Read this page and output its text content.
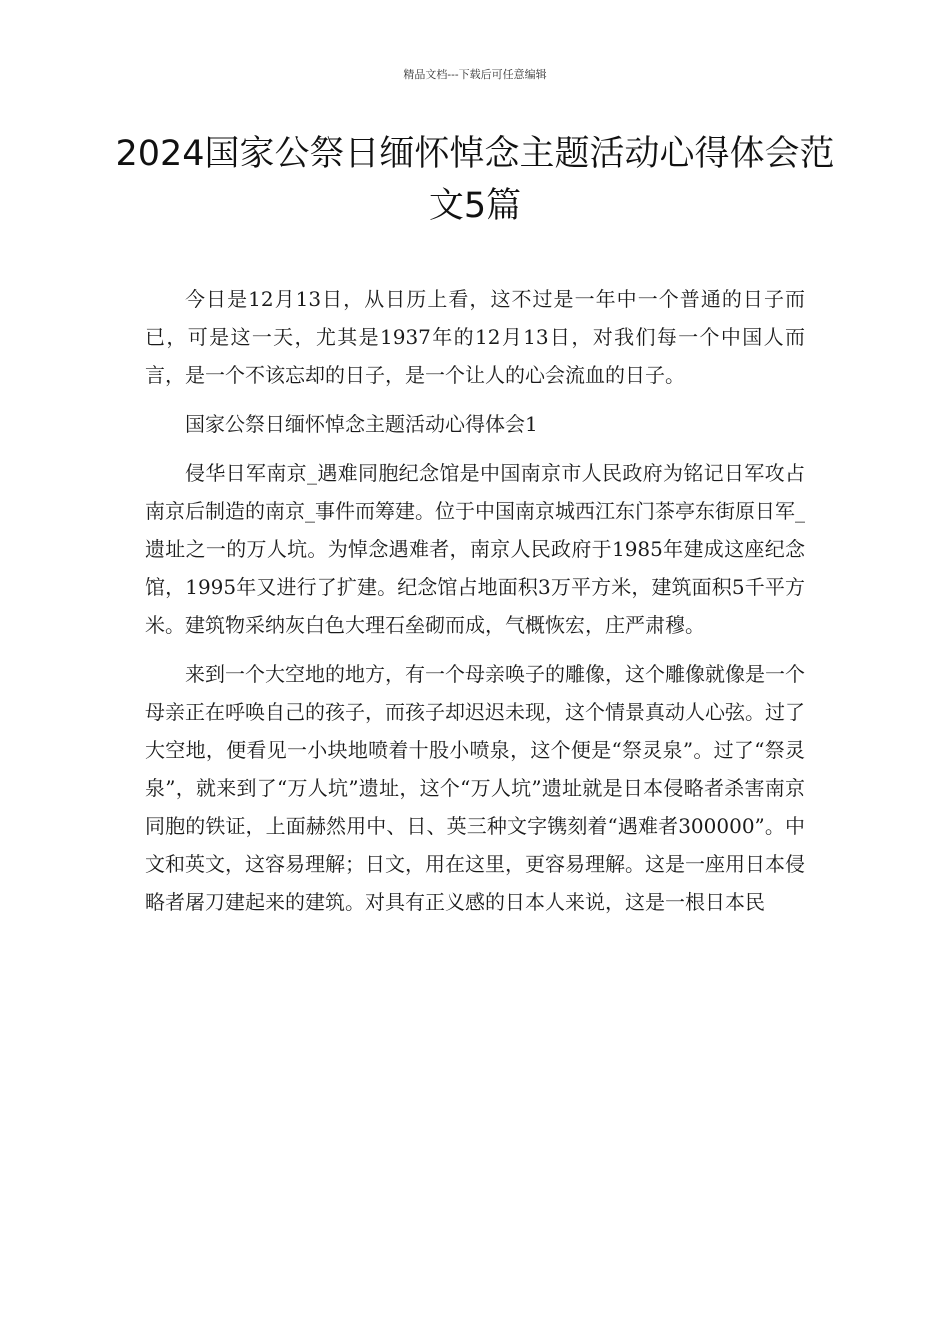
精品文档---下载后可任意编辑
2024国家公祭日缅怀悼念主题活动心得体会范文5篇

今日是12月13日，从日历上看，这不过是一年中一个普通的日子而已，可是这一天，尤其是1937年的12月13日，对我们每一个中国人而言，是一个不该忘却的日子，是一个让人的心会流血的日子。

国家公祭日缅怀悼念主题活动心得体会1

侵华日军南京_遇难同胞纪念馆是中国南京市人民政府为铭记日军攻占南京后制造的南京_事件而筹建。位于中国南京城西江东门茶亭东街原日军_遗址之一的万人坑。为悼念遇难者，南京人民政府于1985年建成这座纪念馆，1995年又进行了扩建。纪念馆占地面积3万平方米，建筑面积5千平方米。建筑物采纳灰白色大理石垒砌而成，气概恢宏，庄严肃穆。

来到一个大空地的地方，有一个母亲唤子的雕像，这个雕像就像是一个母亲正在呼唤自己的孩子，而孩子却迟迟未现，这个情景真动人心弦。过了大空地，便看见一小块地喷着十股小喷泉，这个便是“祭灵泉”。过了“祭灵泉”，就来到了“万人坑”遗址，这个“万人坑”遗址就是日本侵略者杀害南京同胞的铁证，上面赫然用中、日、英三种文字镌刻着“遇难者300000”。中文和英文，这容易理解；日文，用在这里，更容易理解。这是一座用日本侵略者屠刀建起来的建筑。对具有正义感的日本人来说，这是一根日本民
